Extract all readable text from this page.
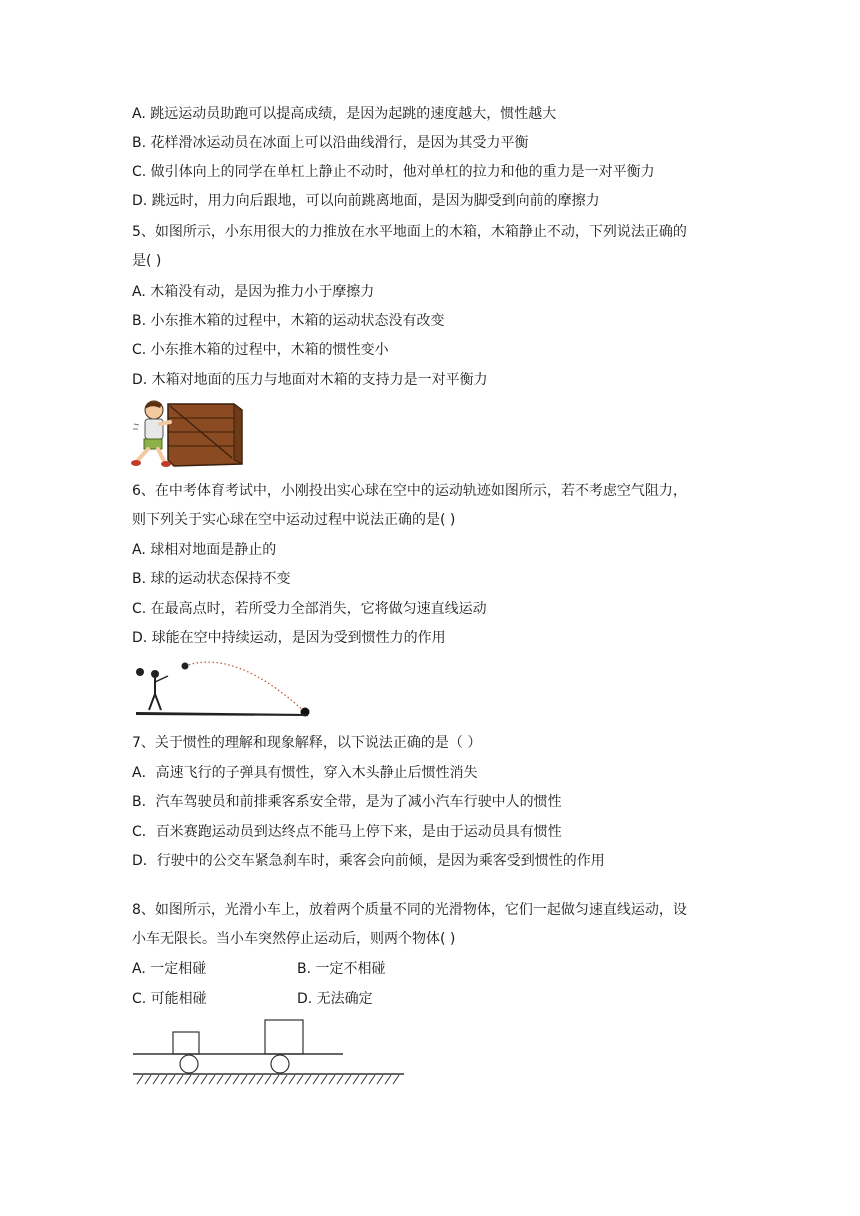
A. 跳远运动员助跑可以提高成绩，是因为起跳的速度越大，惯性越大
B. 花样滑冰运动员在冰面上可以沿曲线滑行，是因为其受力平衡
C. 做引体向上的同学在单杠上静止不动时，他对单杠的拉力和他的重力是一对平衡力
D. 跳远时，用力向后跟地，可以向前跳离地面，是因为脚受到向前的摩擦力
5、如图所示，小东用很大的力推放在水平地面上的木箱，木箱静止不动，下列说法正确的
是( )
A. 木箱没有动，是因为推力小于摩擦力
B. 小东推木箱的过程中，木箱的运动状态没有改变
C. 小东推木箱的过程中，木箱的惯性变小
D. 木箱对地面的压力与地面对木箱的支持力是一对平衡力
6、在中考体育考试中，小刚投出实心球在空中的运动轨迹如图所示，若不考虑空气阻力，
则下列关于实心球在空中运动过程中说法正确的是( )
A. 球相对地面是静止的
B. 球的运动状态保持不变
C. 在最高点时，若所受力全部消失，它将做匀速直线运动
D. 球能在空中持续运动，是因为受到惯性力的作用
7、关于惯性的理解和现象解释，以下说法正确的是（ ）
A．高速飞行的子弹具有惯性，穿入木头静止后惯性消失
B．汽车驾驶员和前排乘客系安全带，是为了减小汽车行驶中人的惯性
C．百米赛跑运动员到达终点不能马上停下来，是由于运动员具有惯性
D．行驶中的公交车紧急刹车时，乘客会向前倾，是因为乘客受到惯性的作用
8、如图所示，光滑小车上，放着两个质量不同的光滑物体，它们一起做匀速直线运动，设
小车无限长。当小车突然停止运动后，则两个物体( )
A. 一定相碰	B. 一定不相碰
C. 可能相碰	D. 无法确定
